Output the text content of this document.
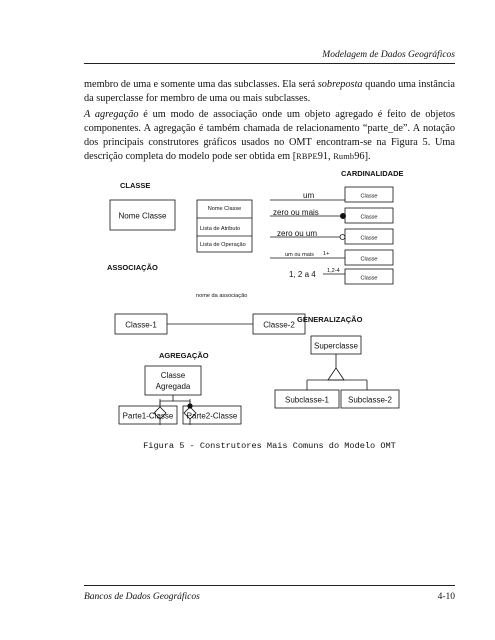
Modelagem de Dados Geográficos
membro de uma e somente uma das subclasses. Ela será sobreposta quando uma instância da superclasse for membro de uma ou mais subclasses.
A agregação é um modo de associação onde um objeto agregado é feito de objetos componentes. A agregação é também chamada de relacionamento “parte_de”. A notação dos principais construtores gráficos usados no OMT encontram-se na Figura 5. Uma descrição completa do modelo pode ser obtida em [RBPE91, Rumb96].
CLASSE
Nome Classe
Nome Classe
Lista de Atributo
Lista de Operação
CARDINALIDADE
um
zero ou mais
zero ou um
um ou mais
1, 2 a 4
1+
1,2-4
Classe
Classe
Classe
Classe
Classe
ASSOCIAÇÃO
Classe-1	Classe-2
nome da associação
AGREGAÇÃO
Classe
Agregada
Parte1-Classe Parte2-Classe
GENERALIZAÇÃO
Superclasse
Subclasse-1 Subclasse-2
Figura 5 - Construtores Mais Comuns do Modelo OMT
Bancos de Dados Geográficos	4-10
